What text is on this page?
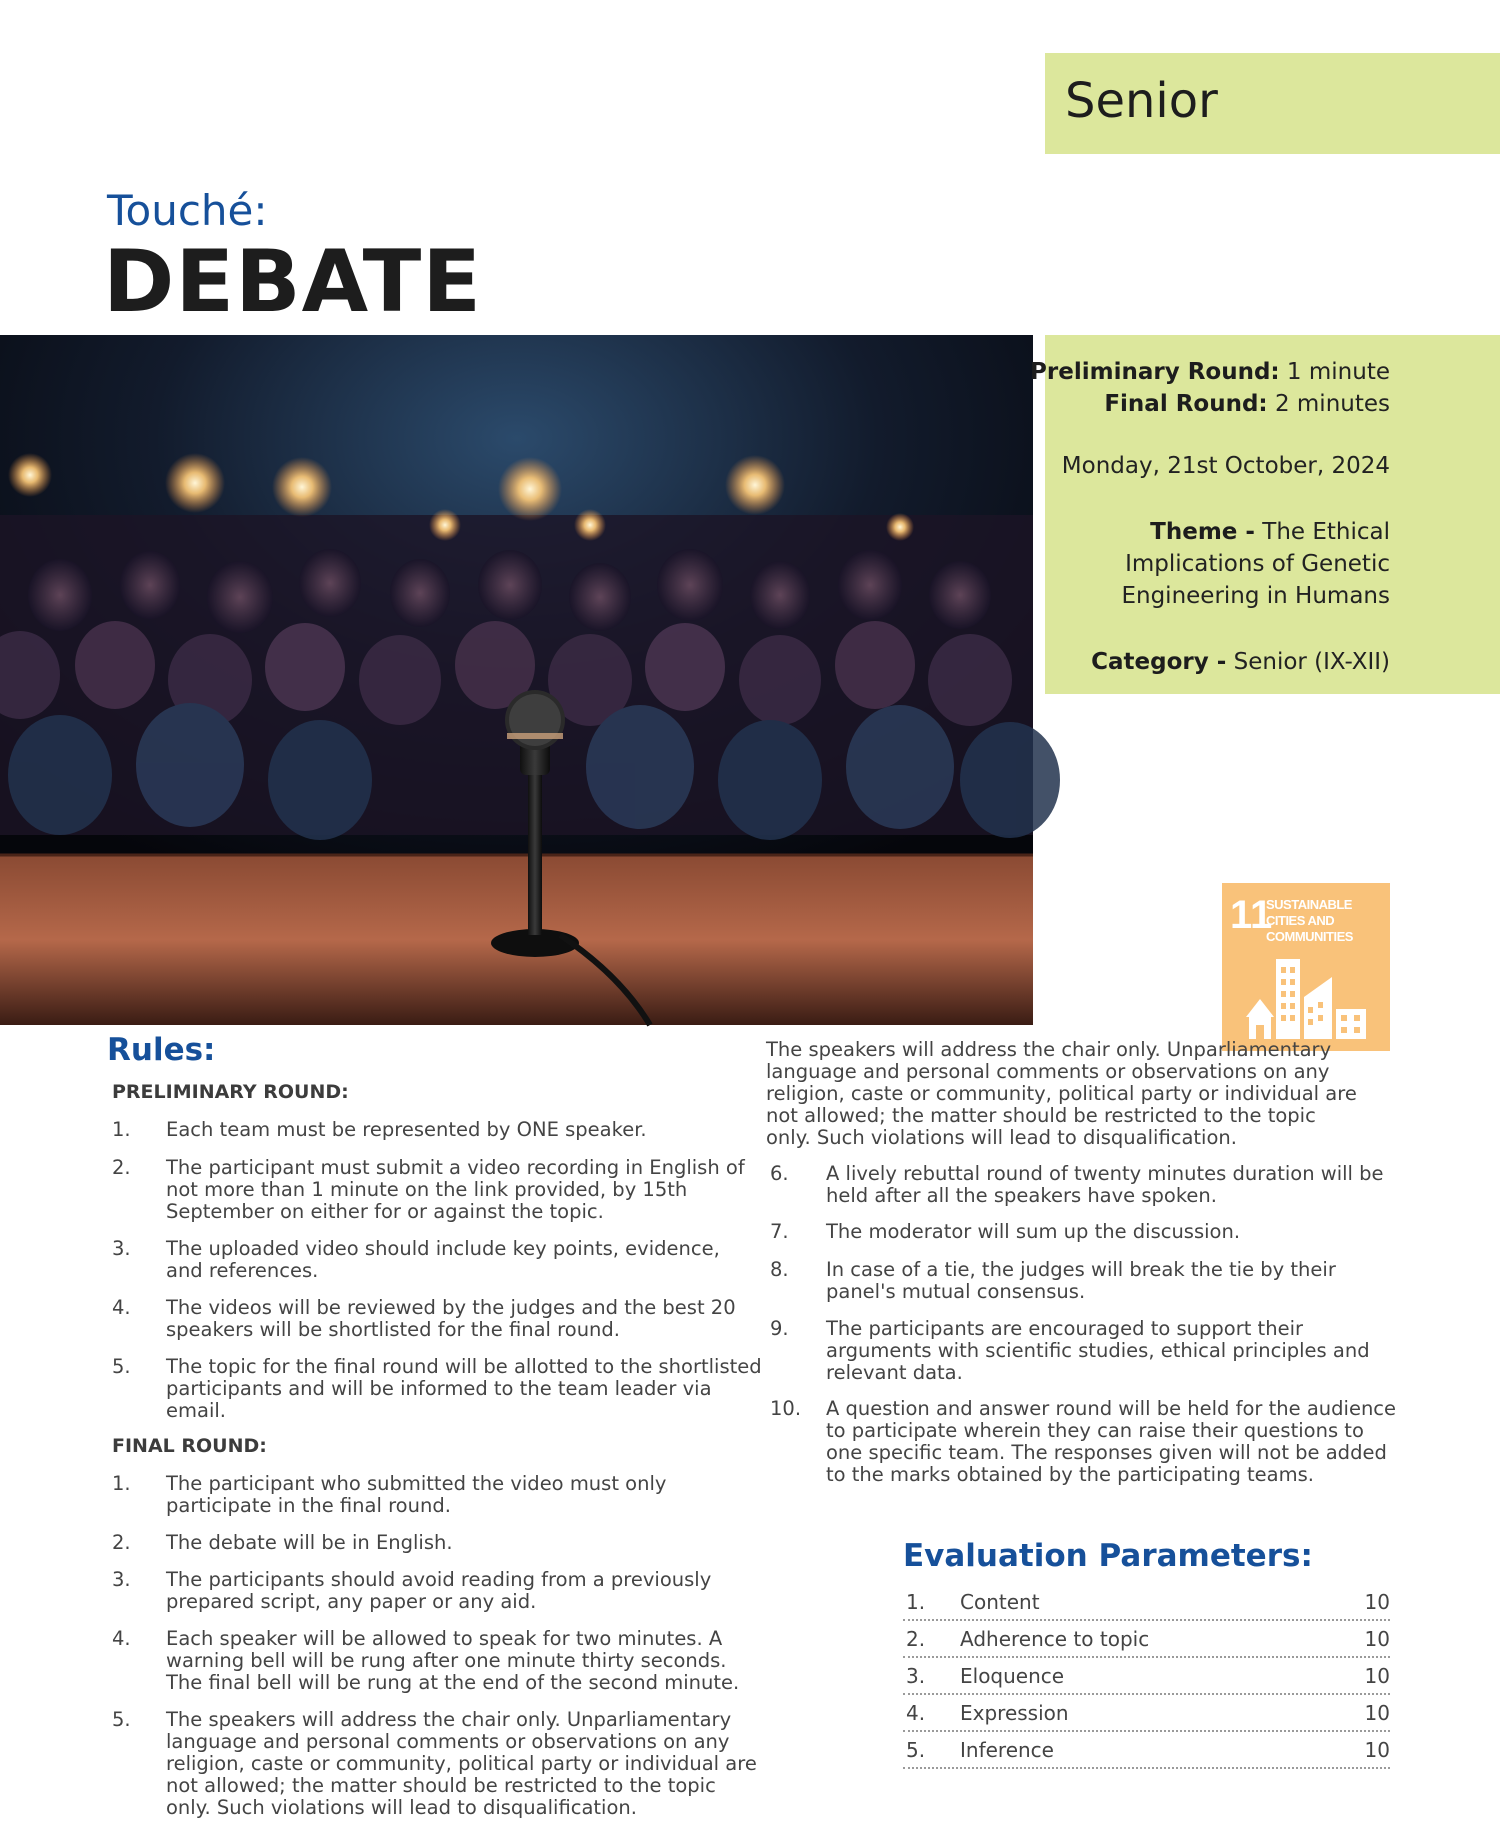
Senior
Touché:
DEBATE
Preliminary Round: 1 minute
Final Round: 2 minutes
Monday, 21st October, 2024
Theme - The Ethical
Implications of Genetic
Engineering in Humans
Category - Senior (IX-XII)
11
SUSTAINABLE CITIES AND COMMUNITIES
Rules:
PRELIMINARY ROUND:
1.	Each team must be represented by ONE speaker.
2.	The participant must submit a video recording in English of not more than 1 minute on the link provided, by 15th September on either for or against the topic.
3.	The uploaded video should include key points, evidence, and references.
4.	The videos will be reviewed by the judges and the best 20 speakers will be shortlisted for the final round.
5.	The topic for the final round will be allotted to the shortlisted participants and will be informed to the team leader via email.
FINAL ROUND:
1.	The participant who submitted the video must only participate in the final round.
2.	The debate will be in English.
3.	The participants should avoid reading from a previously prepared script, any paper or any aid.
4.	Each speaker will be allowed to speak for two minutes. A warning bell will be rung after one minute thirty seconds. The final bell will be rung at the end of the second minute.
5.	The speakers will address the chair only. Unparliamentary language and personal comments or observations on any religion, caste or community, political party or individual are not allowed; the matter should be restricted to the topic only. Such violations will lead to disqualification.
The speakers will address the chair only. Unparliamentary language and personal comments or observations on any religion, caste or community, political party or individual are not allowed; the matter should be restricted to the topic only. Such violations will lead to disqualification.
6.	A lively rebuttal round of twenty minutes duration will be held after all the speakers have spoken.
7.	The moderator will sum up the discussion.
8.	In case of a tie, the judges will break the tie by their panel's mutual consensus.
9.	The participants are encouraged to support their arguments with scientific studies, ethical principles and relevant data.
10.	A question and answer round will be held for the audience to participate wherein they can raise their questions to one specific team. The responses given will not be added to the marks obtained by the participating teams.
Evaluation Parameters:
1. Content	10
2. Adherence to topic	10
3. Eloquence	10
4. Expression	10
5. Inference	10
